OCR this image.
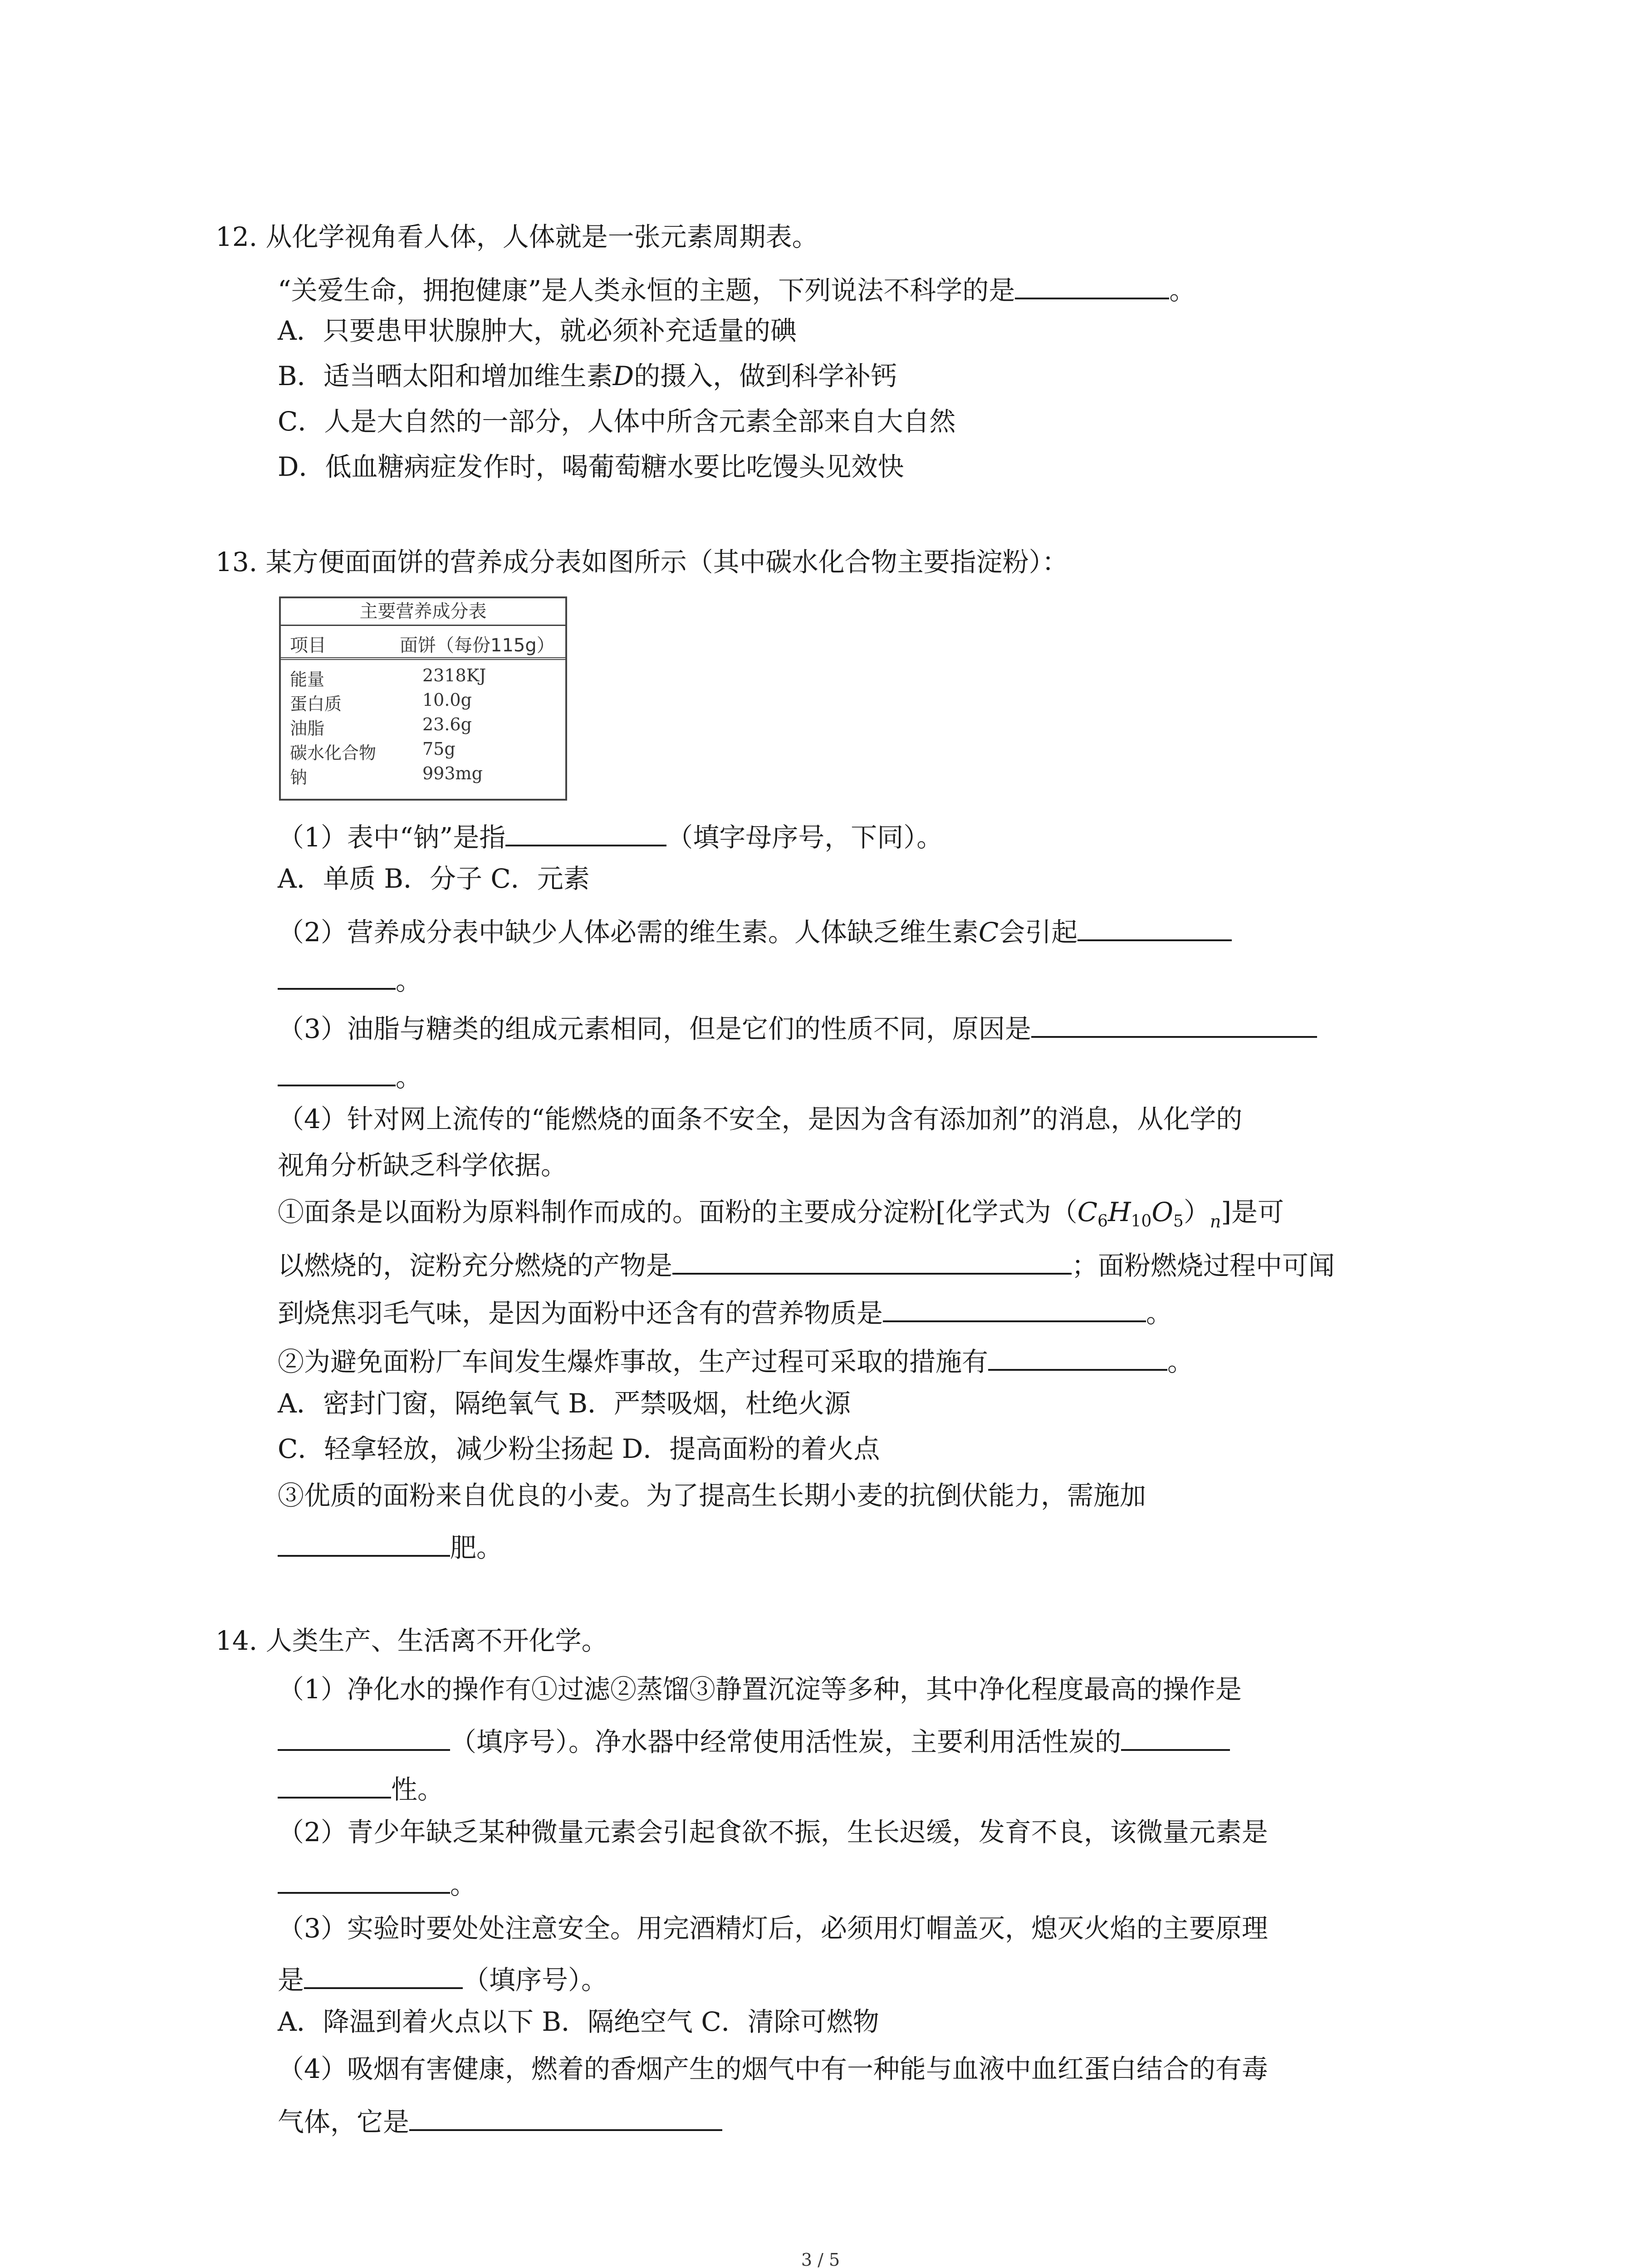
12. 从化学视角看人体，人体就是一张元素周期表。
“关爱生命，拥抱健康”是人类永恒的主题，下列说法不科学的是	。
A．只要患甲状腺肿大，就必须补充适量的碘
B．适当晒太阳和增加维生素D的摄入，做到科学补钙
C．人是大自然的一部分，人体中所含元素全部来自大自然
D．低血糖病症发作时，喝葡萄糖水要比吃馒头见效快
13. 某方便面面饼的营养成分表如图所示（其中碳水化合物主要指淀粉）：
主要营养成分表
项目	面饼（每份115g）
能量	2318KJ
蛋白质	10.0g
油脂	23.6g
碳水化合物	75g
钠	993mg
（1）表中“钠”是指	（填字母序号，下同）。
A．单质 B．分子 C．元素
（2）营养成分表中缺少人体必需的维生素。人体缺乏维生素C会引起
。
（3）油脂与糖类的组成元素相同，但是它们的性质不同，原因是
。
（4）针对网上流传的“能燃烧的面条不安全，是因为含有添加剂”的消息，从化学的
视角分析缺乏科学依据。
①面条是以面粉为原料制作而成的。面粉的主要成分淀粉[化学式为$(C_6H_{10}O_5)_n$]是可
以燃烧的，淀粉充分燃烧的产物是	；面粉燃烧过程中可闻
到烧焦羽毛气味，是因为面粉中还含有的营养物质是	。
②为避免面粉厂车间发生爆炸事故，生产过程可采取的措施有	。
A．密封门窗，隔绝氧气 B．严禁吸烟，杜绝火源
C．轻拿轻放，减少粉尘扬起 D．提高面粉的着火点
③优质的面粉来自优良的小麦。为了提高生长期小麦的抗倒伏能力，需施加
肥。
14. 人类生产、生活离不开化学。
（1）净化水的操作有①过滤②蒸馏③静置沉淀等多种，其中净化程度最高的操作是
（填序号）。净水器中经常使用活性炭，主要利用活性炭的
性。
（2）青少年缺乏某种微量元素会引起食欲不振，生长迟缓，发育不良，该微量元素是
。
（3）实验时要处处注意安全。用完酒精灯后，必须用灯帽盖灭，熄灭火焰的主要原理
是	（填序号）。
A．降温到着火点以下 B．隔绝空气 C．清除可燃物
（4）吸烟有害健康，燃着的香烟产生的烟气中有一种能与血液中血红蛋白结合的有毒
气体，它是
3 / 5
